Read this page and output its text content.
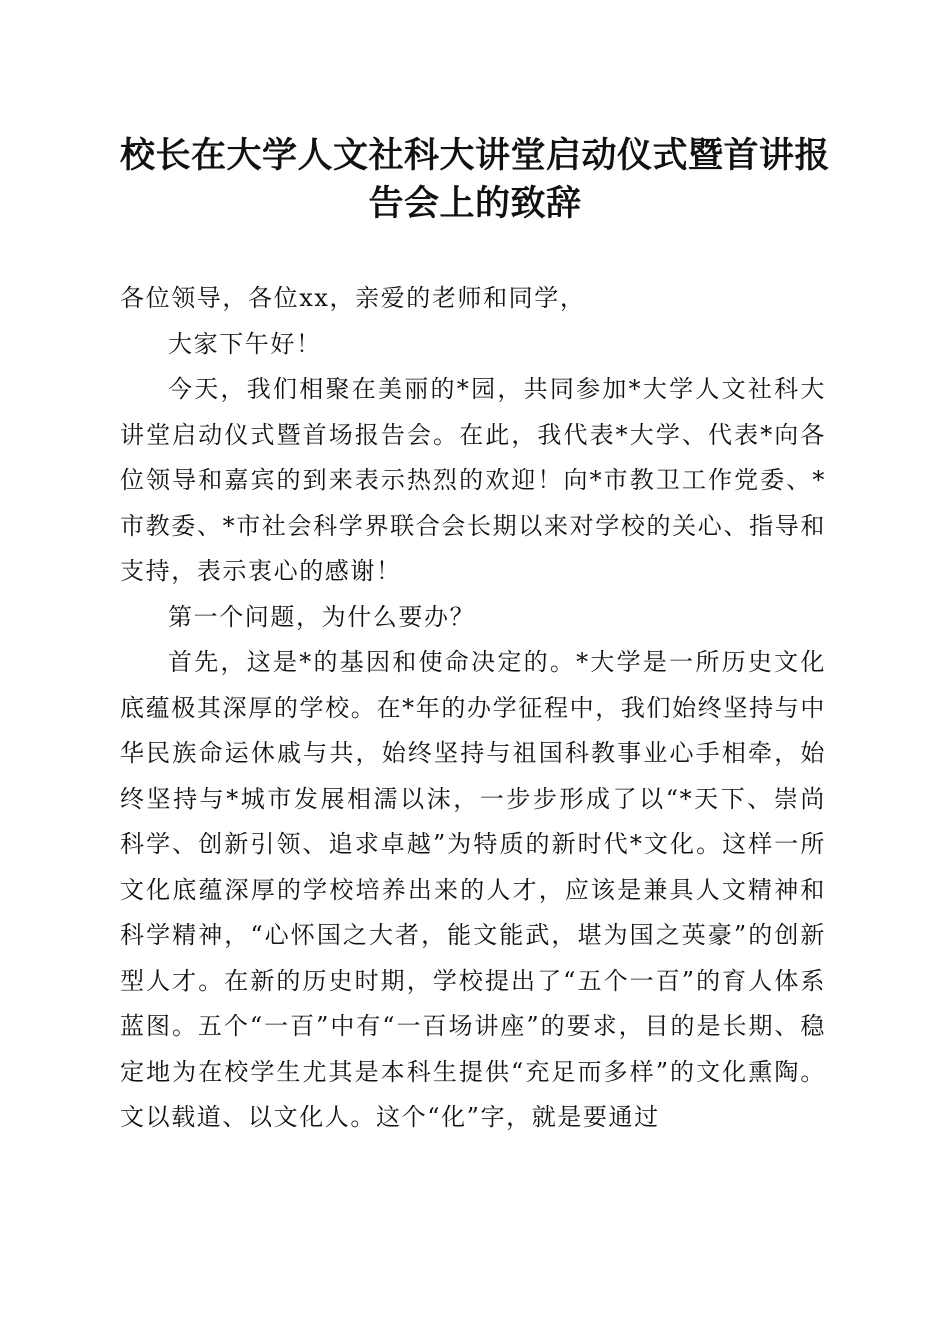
校长在大学人文社科大讲堂启动仪式暨首讲报
告会上的致辞

各位领导，各位xx，亲爱的老师和同学，

大家下午好！

今天，我们相聚在美丽的*园，共同参加*大学人文社科大讲堂启动仪式暨首场报告会。在此，我代表*大学、代表*向各位领导和嘉宾的到来表示热烈的欢迎！向*市教卫工作党委、*市教委、*市社会科学界联合会长期以来对学校的关心、指导和支持，表示衷心的感谢！

第一个问题，为什么要办？

首先，这是*的基因和使命决定的。*大学是一所历史文化底蕴极其深厚的学校。在*年的办学征程中，我们始终坚持与中华民族命运休戚与共，始终坚持与祖国科教事业心手相牵，始终坚持与*城市发展相濡以沫，一步步形成了以“*天下、崇尚科学、创新引领、追求卓越”为特质的新时代*文化。这样一所文化底蕴深厚的学校培养出来的人才，应该是兼具人文精神和科学精神，“心怀国之大者，能文能武，堪为国之英豪”的创新型人才。在新的历史时期，学校提出了“五个一百”的育人体系蓝图。五个“一百”中有“一百场讲座”的要求，目的是长期、稳定地为在校学生尤其是本科生提供“充足而多样”的文化熏陶。文以载道、以文化人。这个“化”字，就是要通过
